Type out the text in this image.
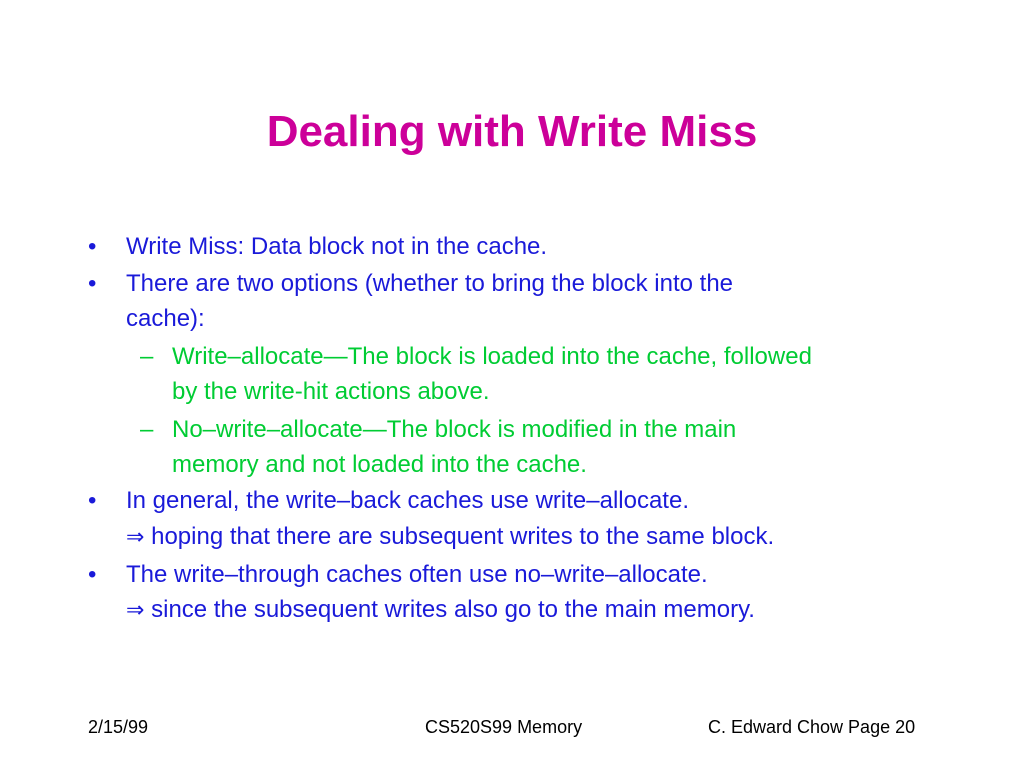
Dealing with Write Miss
• Write Miss: Data block not in the cache.
• There are two options (whether to bring the block into the
cache):
– Write–allocate—The block is loaded into the cache, followed
by the write-hit actions above.
– No–write–allocate—The block is modified in the main
memory and not loaded into the cache.
• In general, the write–back caches use write–allocate.
⇒ hoping that there are subsequent writes to the same block.
• The write–through caches often use no–write–allocate.
⇒ since the subsequent writes also go to the main memory.
2/15/99	CS520S99 Memory	C. Edward Chow Page 20
